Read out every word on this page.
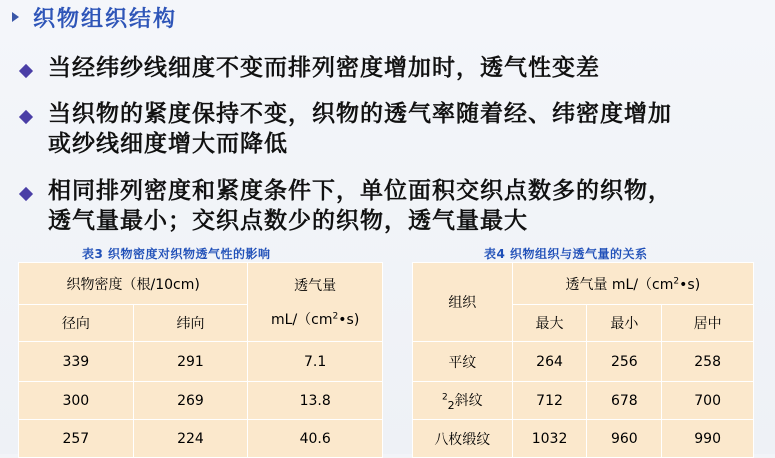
织物组织结构
当经纬纱线细度不变而排列密度增加时，透气性变差
当织物的紧度保持不变，织物的透气率随着经、纬密度增加
或纱线细度增大而降低
相同排列密度和紧度条件下，单位面积交织点数多的织物，
透气量最小；交织点数少的织物，透气量最大
表3 织物密度对织物透气性的影响	表4 织物组织与透气量的关系
织物密度（根/10cm)		透气量
$mL/(cm^2•s)$

径向	纬向	
339	291	7.1
300	269	13.8
257	224	40.6
组织	透气量 $mL/(cm^2•s)$		
	最大	最小	居中
平纹	264	256	258
$^2_2$斜纹	712	678	700
八枚缎纹	1032	960	990
